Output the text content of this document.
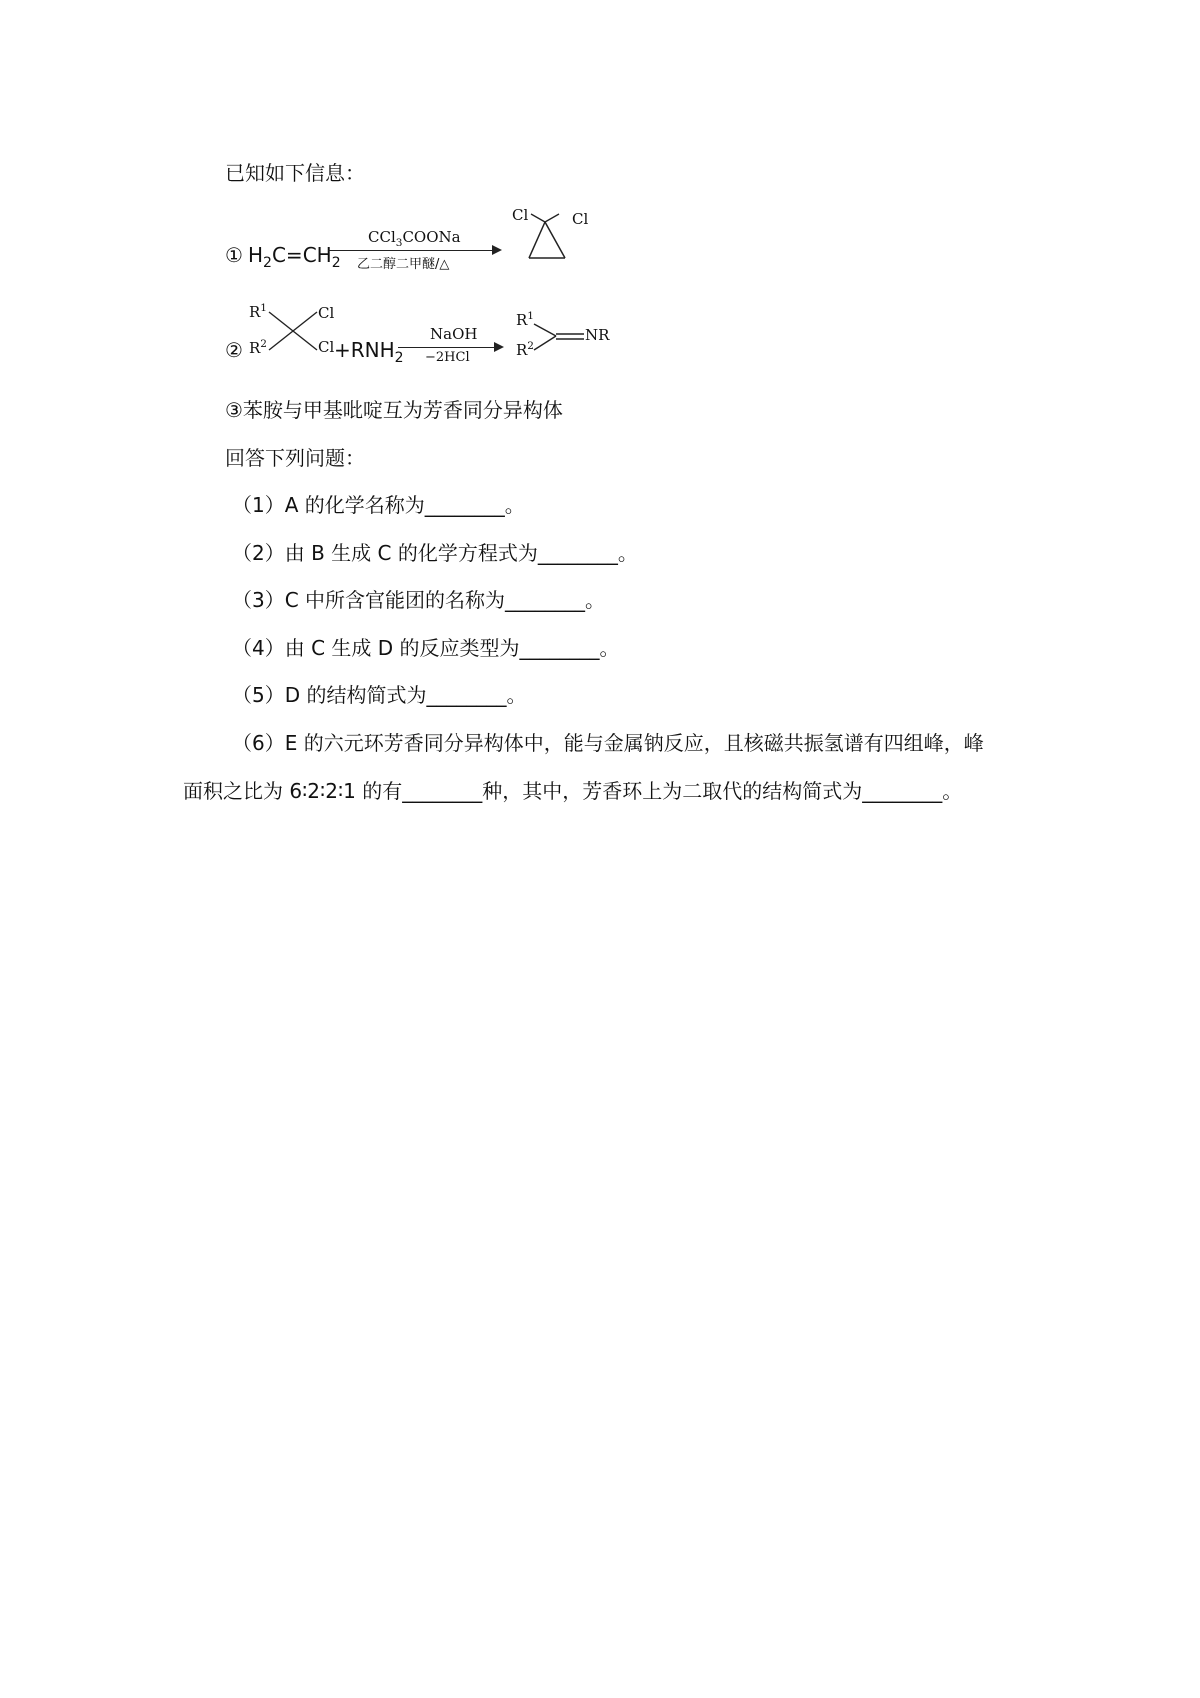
已知如下信息：
① $H_2C=CH_2$
CCl$_3$COONa
乙二醇二甲醚/△
Cl	Cl
②
$R^1$
$R^2$
Cl
$Cl +RNH_2$
NaOH
−2HCl
$R^1$
$R^2$
NR
③苯胺与甲基吡啶互为芳香同分异构体
回答下列问题：
（1）A 的化学名称为________。
（2）由 B 生成 C 的化学方程式为________。
（3）C 中所含官能团的名称为________。
（4）由 C 生成 D 的反应类型为________。
（5）D 的结构简式为________。
（6）E 的六元环芳香同分异构体中，能与金属钠反应，且核磁共振氢谱有四组峰，峰
面积之比为 6∶2∶2∶1 的有________种，其中，芳香环上为二取代的结构简式为________。
